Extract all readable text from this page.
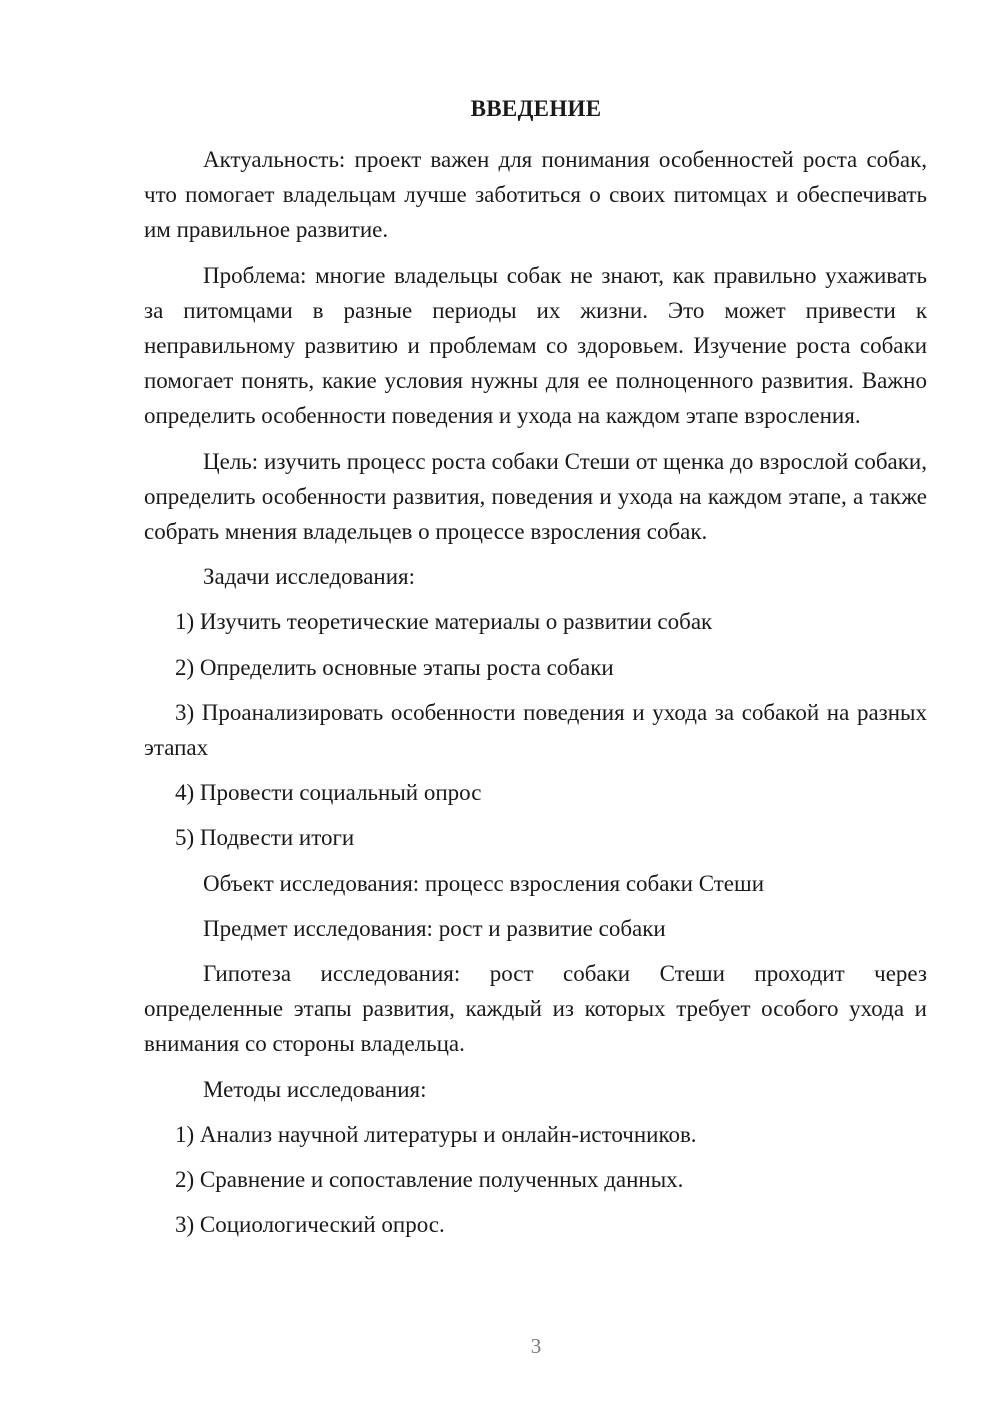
ВВЕДЕНИЕ

Актуальность: проект важен для понимания особенностей роста собак, что помогает владельцам лучше заботиться о своих питомцах и обеспечивать им правильное развитие.

Проблема: многие владельцы собак не знают, как правильно ухаживать за питомцами в разные периоды их жизни. Это может привести к неправильному развитию и проблемам со здоровьем. Изучение роста собаки помогает понять, какие условия нужны для ее полноценного развития. Важно определить особенности поведения и ухода на каждом этапе взросления.

Цель: изучить процесс роста собаки Стеши от щенка до взрослой собаки, определить особенности развития, поведения и ухода на каждом этапе, а также собрать мнения владельцев о процессе взросления собак.

Задачи исследования:

1) Изучить теоретические материалы о развитии собак

2) Определить основные этапы роста собаки

3) Проанализировать особенности поведения и ухода за собакой на разных этапах

4) Провести социальный опрос

5) Подвести итоги

Объект исследования: процесс взросления собаки Стеши

Предмет исследования: рост и развитие собаки

Гипотеза исследования: рост собаки Стеши проходит через определенные этапы развития, каждый из которых требует особого ухода и внимания со стороны владельца.

Методы исследования:

1) Анализ научной литературы и онлайн-источников.

2) Сравнение и сопоставление полученных данных.

3) Социологический опрос.

3
